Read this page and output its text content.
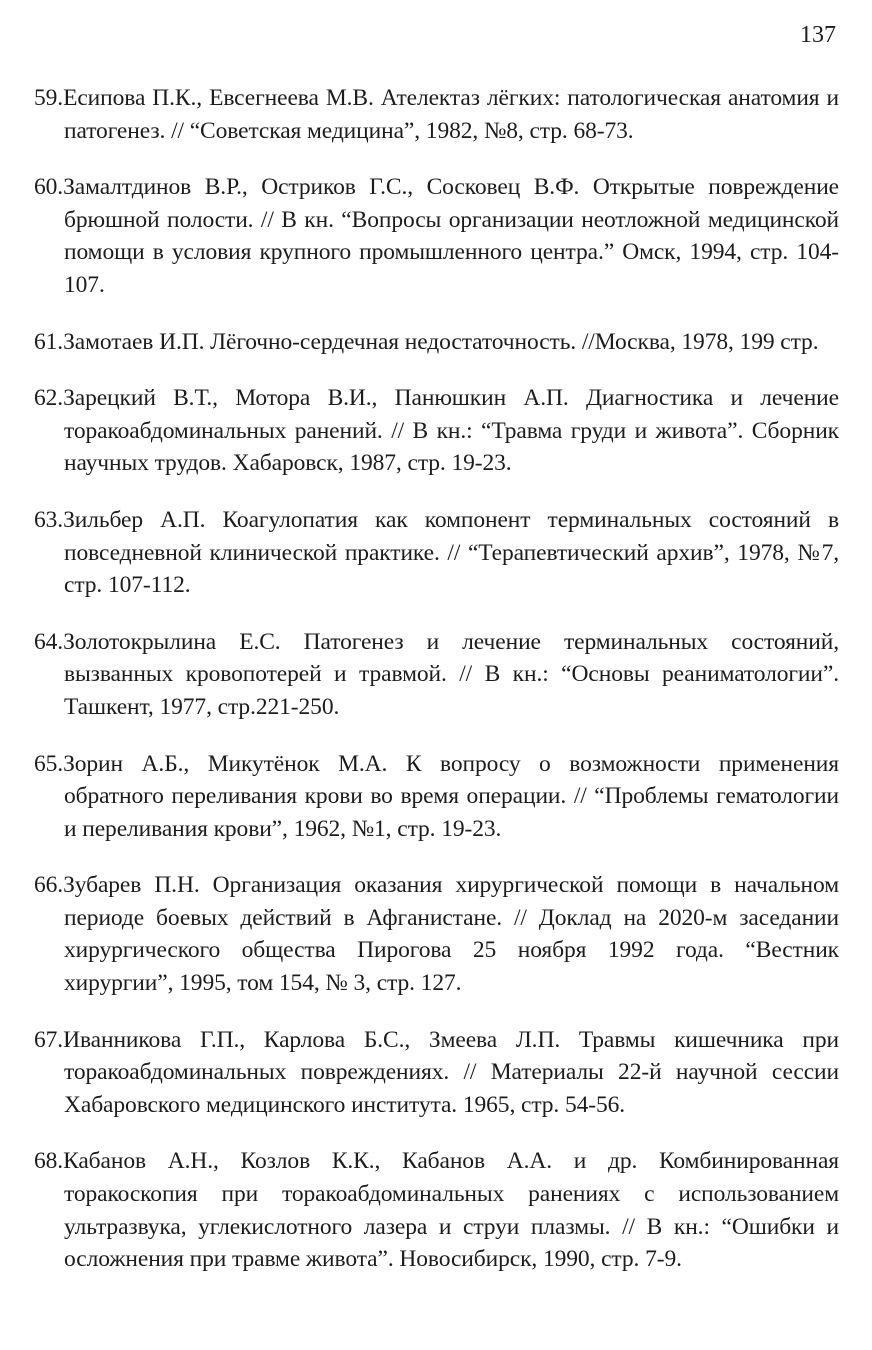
137

59.Есипова П.К., Евсегнеева М.В. Ателектаз лёгких: патологическая анатомия и патогенез. // “Советская медицина”, 1982, №8, стр. 68-73.

60.Замалтдинов В.Р., Остриков Г.С., Сосковец В.Ф. Открытые повреждение брюшной полости. // В кн. “Вопросы организации неотложной медицинской помощи в условия крупного промышленного центра.” Омск, 1994, стр. 104-107.

61.Замотаев И.П. Лёгочно-сердечная недостаточность. //Москва, 1978, 199 стр.

62.Зарецкий В.Т., Мотора В.И., Панюшкин А.П. Диагностика и лечение торакоабдоминальных ранений. // В кн.: “Травма груди и живота”. Сборник научных трудов. Хабаровск, 1987, стр. 19-23.

63.Зильбер А.П. Коагулопатия как компонент терминальных состояний в повседневной клинической практике. // “Терапевтический архив”, 1978, №7, стр. 107-112.

64.Золотокрылина Е.С. Патогенез и лечение терминальных состояний, вызванных кровопотерей и травмой. // В кн.: “Основы реаниматологии”. Ташкент, 1977, стр.221-250.

65.Зорин А.Б., Микутёнок М.А. К вопросу о возможности применения обратного переливания крови во время операции. // “Проблемы гематологии и переливания крови”, 1962, №1, стр. 19-23.

66.Зубарев П.Н. Организация оказания хирургической помощи в начальном периоде боевых действий в Афганистане. // Доклад на 2020-м заседании хирургического общества Пирогова 25 ноября 1992 года. “Вестник хирургии”, 1995, том 154, № 3, стр. 127.

67.Иванникова Г.П., Карлова Б.С., Змеева Л.П. Травмы кишечника при торакоабдоминальных повреждениях. // Материалы 22-й научной сессии Хабаровского медицинского института. 1965, стр. 54-56.

68.Кабанов А.Н., Козлов К.К., Кабанов А.А. и др. Комбинированная торакоскопия при торакоабдоминальных ранениях с использованием ультразвука, углекислотного лазера и струи плазмы. // В кн.: “Ошибки и осложнения при травме живота”. Новосибирск, 1990, стр. 7-9.
